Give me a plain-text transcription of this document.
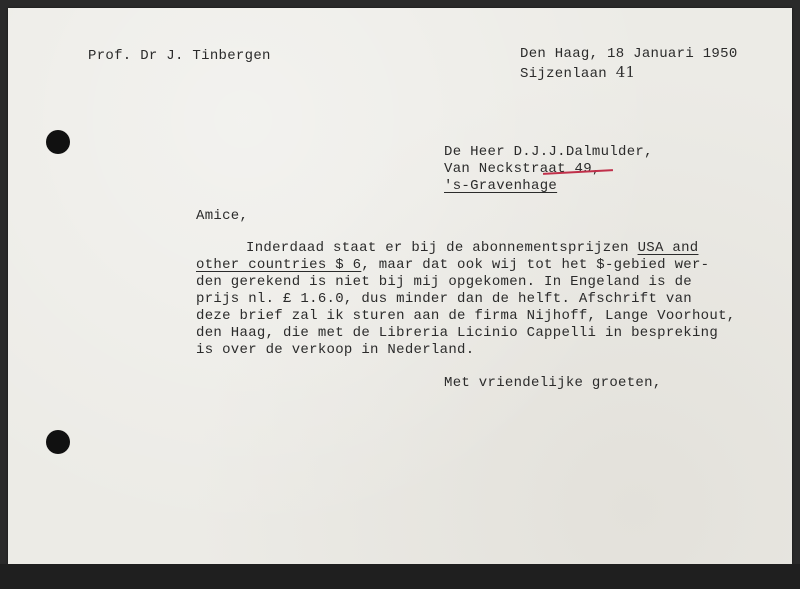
Prof. Dr J. Tinbergen	Den Haag, 18 Januari 1950
Sijzenlaan 41
De Heer D.J.J.Dalmulder,
Van Neckstraat 49,
's-Gravenhage
Amice,
Inderdaad staat er bij de abonnementsprijzen USA and
other countries $ 6, maar dat ook wij tot het $-gebied wer-
den gerekend is niet bij mij opgekomen. In Engeland is de
prijs nl. £ 1.6.0, dus minder dan de helft. Afschrift van
deze brief zal ik sturen aan de firma Nijhoff, Lange Voorhout,
den Haag, die met de Libreria Licinio Cappelli in bespreking
is over de verkoop in Nederland.
Met vriendelijke groeten,
